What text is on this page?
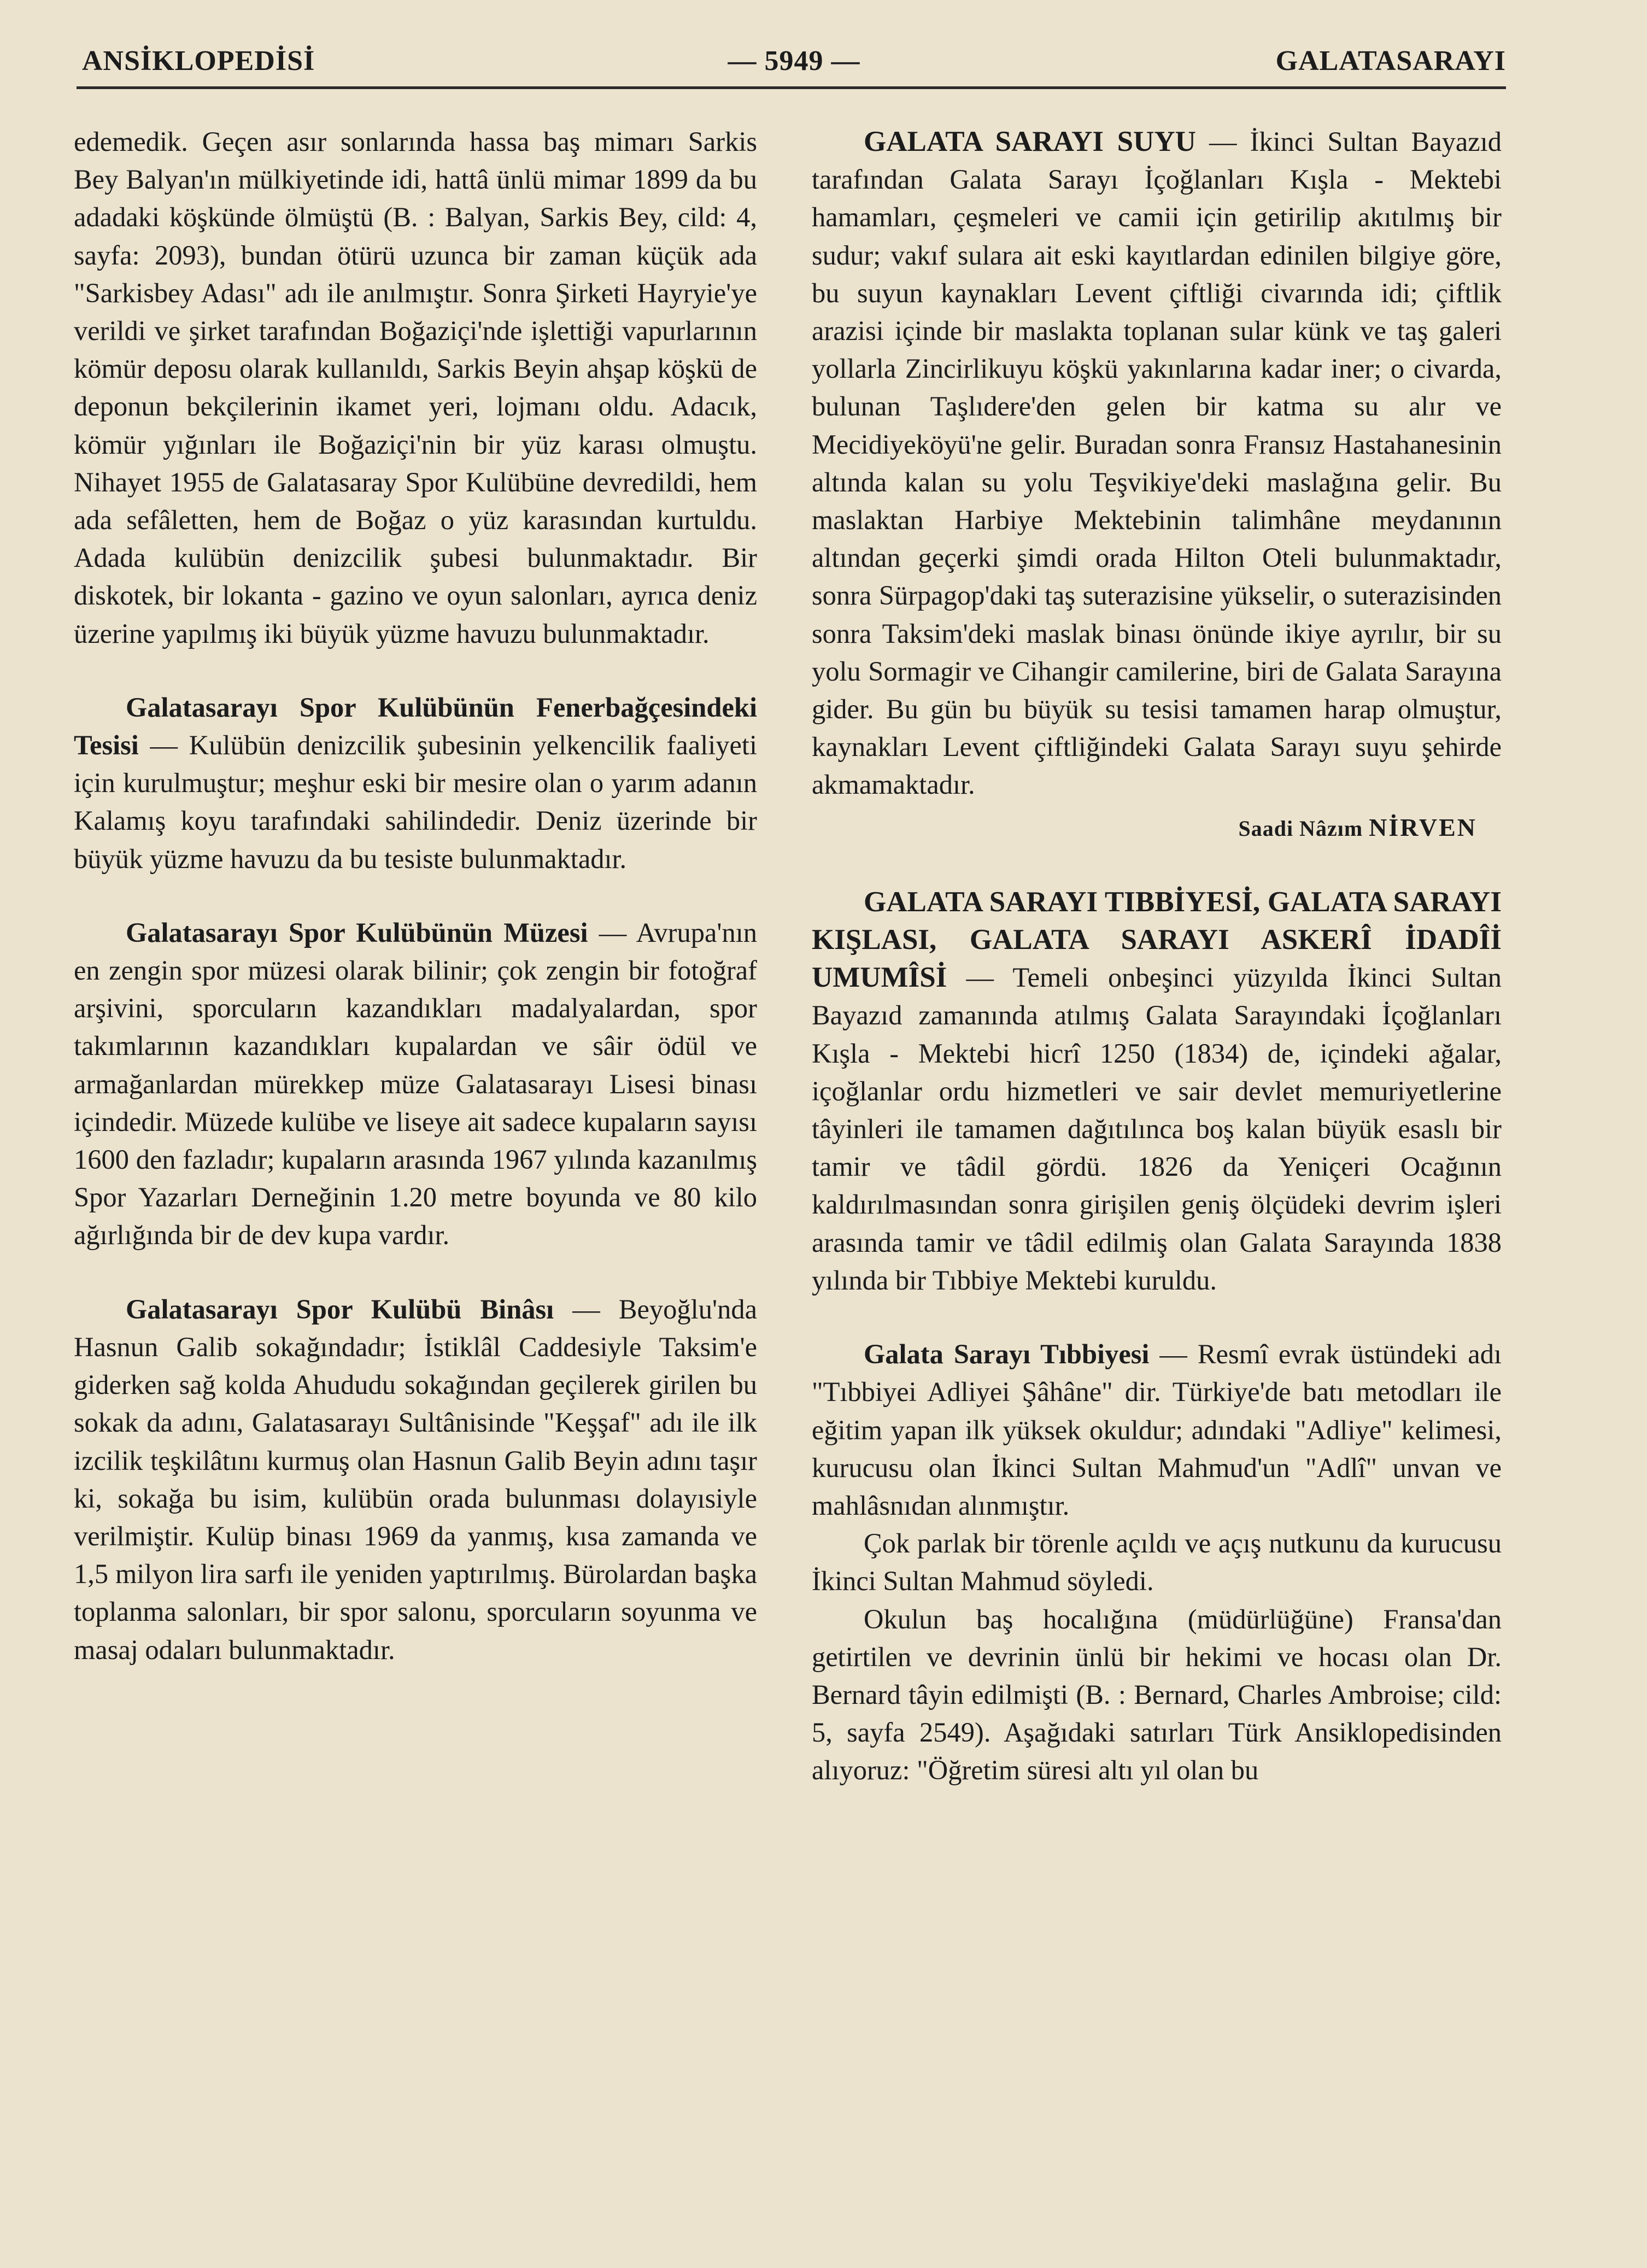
ANSİKLOPEDİSİ	— 5949 —	GALATASARAYI

edemedik. Geçen asır sonlarında hassa baş mimarı Sarkis Bey Balyan'ın mülkiyetinde idi, hattâ ünlü mimar 1899 da bu adadaki köşkünde ölmüştü (B. : Balyan, Sarkis Bey, cild: 4, sayfa: 2093), bundan ötürü uzunca bir zaman küçük ada "Sarkisbey Adası" adı ile anılmıştır. Sonra Şirketi Hayryie'ye verildi ve şirket tarafından Boğaziçi'nde işlettiği vapurlarının kömür deposu olarak kullanıldı, Sarkis Beyin ahşap köşkü de deponun bekçilerinin ikamet yeri, lojmanı oldu. Adacık, kömür yığınları ile Boğaziçi'nin bir yüz karası olmuştu. Nihayet 1955 de Galatasaray Spor Kulübüne devredildi, hem ada sefâletten, hem de Boğaz o yüz karasından kurtuldu. Adada kulübün denizcilik şubesi bulunmaktadır. Bir diskotek, bir lokanta - gazino ve oyun salonları, ayrıca deniz üzerine yapılmış iki büyük yüzme havuzu bulunmaktadır.

Galatasarayı Spor Kulübünün Fenerbağçesindeki Tesisi — Kulübün denizcilik şubesinin yelkencilik faaliyeti için kurulmuştur; meşhur eski bir mesire olan o yarım adanın Kalamış koyu tarafındaki sahilindedir. Deniz üzerinde bir büyük yüzme havuzu da bu tesiste bulunmaktadır.

Galatasarayı Spor Kulübünün Müzesi — Avrupa'nın en zengin spor müzesi olarak bilinir; çok zengin bir fotoğraf arşivini, sporcuların kazandıkları madalyalardan, spor takımlarının kazandıkları kupalardan ve sâir ödül ve armağanlardan mürekkep müze Galatasarayı Lisesi binası içindedir. Müzede kulübe ve liseye ait sadece kupaların sayısı 1600 den fazladır; kupaların arasında 1967 yılında kazanılmış Spor Yazarları Derneğinin 1.20 metre boyunda ve 80 kilo ağırlığında bir de dev kupa vardır.

Galatasarayı Spor Kulübü Binâsı — Beyoğlu'nda Hasnun Galib sokağındadır; İstiklâl Caddesiyle Taksim'e giderken sağ kolda Ahududu sokağından geçilerek girilen bu sokak da adını, Galatasarayı Sultânisinde "Keşşaf" adı ile ilk izcilik teşkilâtını kurmuş olan Hasnun Galib Beyin adını taşır ki, sokağa bu isim, kulübün orada bulunması dolayısiyle verilmiştir. Kulüp binası 1969 da yanmış, kısa zamanda ve 1,5 milyon lira sarfı ile yeniden yaptırılmış. Bürolardan başka toplanma salonları, bir spor salonu, sporcuların soyunma ve masaj odaları bulunmaktadır.

GALATA SARAYI SUYU — İkinci Sultan Bayazıd tarafından Galata Sarayı İçoğlanları Kışla - Mektebi hamamları, çeşmeleri ve camii için getirilip akıtılmış bir sudur; vakıf sulara ait eski kayıtlardan edinilen bilgiye göre, bu suyun kaynakları Levent çiftliği civarında idi; çiftlik arazisi içinde bir maslakta toplanan sular künk ve taş galeri yollarla Zincirlikuyu köşkü yakınlarına kadar iner; o civarda, bulunan Taşlıdere'den gelen bir katma su alır ve Mecidiyeköyü'ne gelir. Buradan sonra Fransız Hastahanesinin altında kalan su yolu Teşvikiye'deki maslağına gelir. Bu maslaktan Harbiye Mektebinin talimhâne meydanının altından geçerki şimdi orada Hilton Oteli bulunmaktadır, sonra Sürpagop'daki taş suterazisine yükselir, o suterazisinden sonra Taksim'deki maslak binası önünde ikiye ayrılır, bir su yolu Sormagir ve Cihangir camilerine, biri de Galata Sarayına gider. Bu gün bu büyük su tesisi tamamen harap olmuştur, kaynakları Levent çiftliğindeki Galata Sarayı suyu şehirde akmamaktadır.

Saadi Nâzım NİRVEN

GALATA SARAYI TIBBİYESİ, GALATA SARAYI KIŞLASI, GALATA SARAYI ASKERÎ İDADÎİ UMUMÎSİ — Temeli onbeşinci yüzyılda İkinci Sultan Bayazıd zamanında atılmış Galata Sarayındaki İçoğlanları Kışla - Mektebi hicrî 1250 (1834) de, içindeki ağalar, içoğlanlar ordu hizmetleri ve sair devlet memuriyetlerine tâyinleri ile tamamen dağıtılınca boş kalan büyük esaslı bir tamir ve tâdil gördü. 1826 da Yeniçeri Ocağının kaldırılmasından sonra girişilen geniş ölçüdeki devrim işleri arasında tamir ve tâdil edilmiş olan Galata Sarayında 1838 yılında bir Tıbbiye Mektebi kuruldu.

Galata Sarayı Tıbbiyesi — Resmî evrak üstündeki adı "Tıbbiyei Adliyei Şâhâne" dir. Türkiye'de batı metodları ile eğitim yapan ilk yüksek okuldur; adındaki "Adliye" kelimesi, kurucusu olan İkinci Sultan Mahmud'un "Adlî" unvan ve mahlâsnıdan alınmıştır.

Çok parlak bir törenle açıldı ve açış nutkunu da kurucusu İkinci Sultan Mahmud söyledi.

Okulun baş hocalığına (müdürlüğüne) Fransa'dan getirtilen ve devrinin ünlü bir hekimi ve hocası olan Dr. Bernard tâyin edilmişti (B. : Bernard, Charles Ambroise; cild: 5, sayfa 2549). Aşağıdaki satırları Türk Ansiklopedisinden alıyoruz: "Öğretim süresi altı yıl olan bu
